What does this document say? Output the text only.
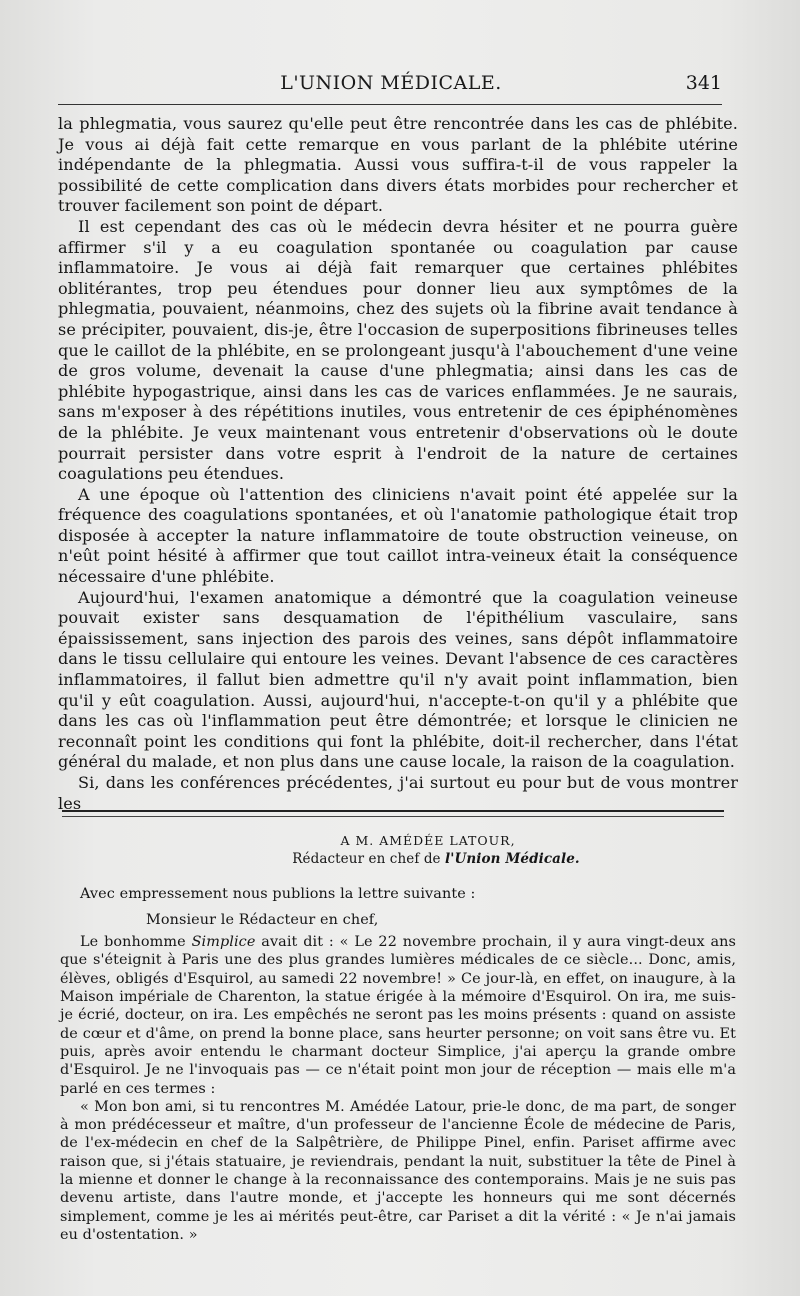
L'UNION MÉDICALE.	341

la phlegmatia, vous saurez qu'elle peut être rencontrée dans les cas de phlébite. Je vous ai déjà fait cette remarque en vous parlant de la phlébite utérine indépendante de la phlegmatia. Aussi vous suffira-t-il de vous rappeler la possibilité de cette complication dans divers états morbides pour rechercher et trouver facilement son point de départ.

Il est cependant des cas où le médecin devra hésiter et ne pourra guère affirmer s'il y a eu coagulation spontanée ou coagulation par cause inflammatoire. Je vous ai déjà fait remarquer que certaines phlébites oblitérantes, trop peu étendues pour donner lieu aux symptômes de la phlegmatia, pouvaient, néanmoins, chez des sujets où la fibrine avait tendance à se précipiter, pouvaient, dis-je, être l'occasion de superpositions fibrineuses telles que le caillot de la phlébite, en se prolongeant jusqu'à l'abouchement d'une veine de gros volume, devenait la cause d'une phlegmatia; ainsi dans les cas de phlébite hypogastrique, ainsi dans les cas de varices enflammées. Je ne saurais, sans m'exposer à des répétitions inutiles, vous entretenir de ces épiphénomènes de la phlébite. Je veux maintenant vous entretenir d'observations où le doute pourrait persister dans votre esprit à l'endroit de la nature de certaines coagulations peu étendues.

A une époque où l'attention des cliniciens n'avait point été appelée sur la fréquence des coagulations spontanées, et où l'anatomie pathologique était trop disposée à accepter la nature inflammatoire de toute obstruction veineuse, on n'eût point hésité à affirmer que tout caillot intra-veineux était la conséquence nécessaire d'une phlébite.

Aujourd'hui, l'examen anatomique a démontré que la coagulation veineuse pouvait exister sans desquamation de l'épithélium vasculaire, sans épaississement, sans injection des parois des veines, sans dépôt inflammatoire dans le tissu cellulaire qui entoure les veines. Devant l'absence de ces caractères inflammatoires, il fallut bien admettre qu'il n'y avait point inflammation, bien qu'il y eût coagulation. Aussi, aujourd'hui, n'accepte-t-on qu'il y a phlébite que dans les cas où l'inflammation peut être démontrée; et lorsque le clinicien ne reconnaît point les conditions qui font la phlébite, doit-il rechercher, dans l'état général du malade, et non plus dans une cause locale, la raison de la coagulation.

Si, dans les conférences précédentes, j'ai surtout eu pour but de vous montrer les

A M. AMÉDÉE LATOUR,

Rédacteur en chef de l'Union Médicale.

Avec empressement nous publions la lettre suivante :

Monsieur le Rédacteur en chef,

Le bonhomme Simplice avait dit : « Le 22 novembre prochain, il y aura vingt-deux ans que s'éteignit à Paris une des plus grandes lumières médicales de ce siècle... Donc, amis, élèves, obligés d'Esquirol, au samedi 22 novembre! » Ce jour-là, en effet, on inaugure, à la Maison impériale de Charenton, la statue érigée à la mémoire d'Esquirol. On ira, me suis-je écrié, docteur, on ira. Les empêchés ne seront pas les moins présents : quand on assiste de cœur et d'âme, on prend la bonne place, sans heurter personne; on voit sans être vu. Et puis, après avoir entendu le charmant docteur Simplice, j'ai aperçu la grande ombre d'Esquirol. Je ne l'invoquais pas — ce n'était point mon jour de réception — mais elle m'a parlé en ces termes :

« Mon bon ami, si tu rencontres M. Amédée Latour, prie-le donc, de ma part, de songer à mon prédécesseur et maître, d'un professeur de l'ancienne École de médecine de Paris, de l'ex-médecin en chef de la Salpêtrière, de Philippe Pinel, enfin. Pariset affirme avec raison que, si j'étais statuaire, je reviendrais, pendant la nuit, substituer la tête de Pinel à la mienne et donner le change à la reconnaissance des contemporains. Mais je ne suis pas devenu artiste, dans l'autre monde, et j'accepte les honneurs qui me sont décernés simplement, comme je les ai mérités peut-être, car Pariset a dit la vérité : « Je n'ai jamais eu d'ostentation. »
